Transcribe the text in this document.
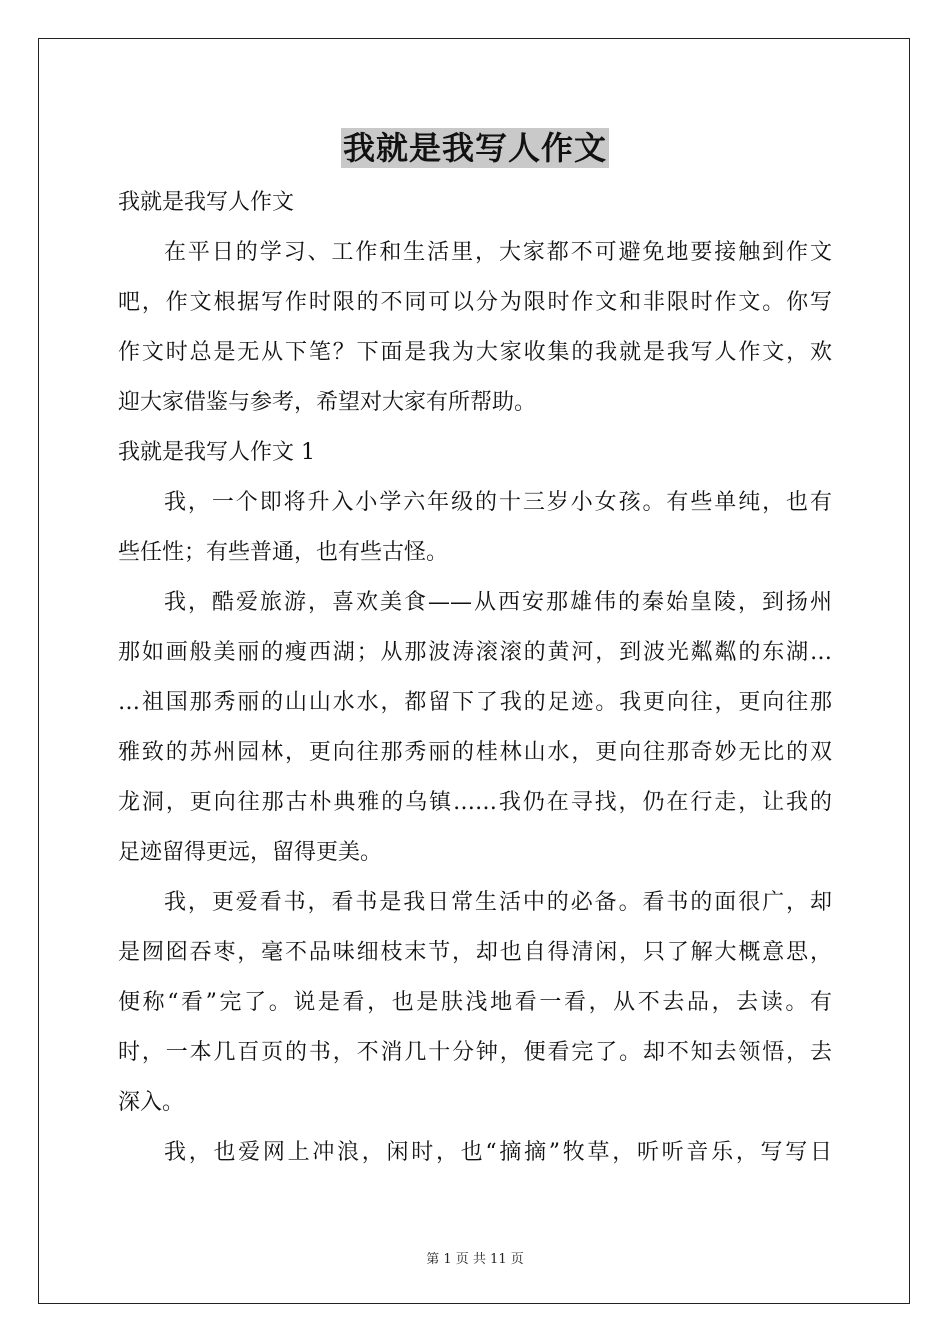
我就是我写人作文
我就是我写人作文
在平日的学习、工作和生活里，大家都不可避免地要接触到作文
吧，作文根据写作时限的不同可以分为限时作文和非限时作文。你写
作文时总是无从下笔？下面是我为大家收集的我就是我写人作文，欢
迎大家借鉴与参考，希望对大家有所帮助。
我就是我写人作文 1
我，一个即将升入小学六年级的十三岁小女孩。有些单纯，也有
些任性；有些普通，也有些古怪。
我，酷爱旅游，喜欢美食——从西安那雄伟的秦始皇陵，到扬州
那如画般美丽的瘦西湖；从那波涛滚滚的黄河，到波光粼粼的东湖…
…祖国那秀丽的山山水水，都留下了我的足迹。我更向往，更向往那
雅致的苏州园林，更向往那秀丽的桂林山水，更向往那奇妙无比的双
龙洞，更向往那古朴典雅的乌镇……我仍在寻找，仍在行走，让我的
足迹留得更远，留得更美。
我，更爱看书，看书是我日常生活中的必备。看书的面很广，却
是囫囵吞枣，毫不品味细枝末节，却也自得清闲，只了解大概意思，
便称“看”完了。说是看，也是肤浅地看一看，从不去品，去读。有
时，一本几百页的书，不消几十分钟，便看完了。却不知去领悟，去
深入。
我，也爱网上冲浪，闲时，也“摘摘”牧草，听听音乐，写写日
第 1 页 共 11 页
